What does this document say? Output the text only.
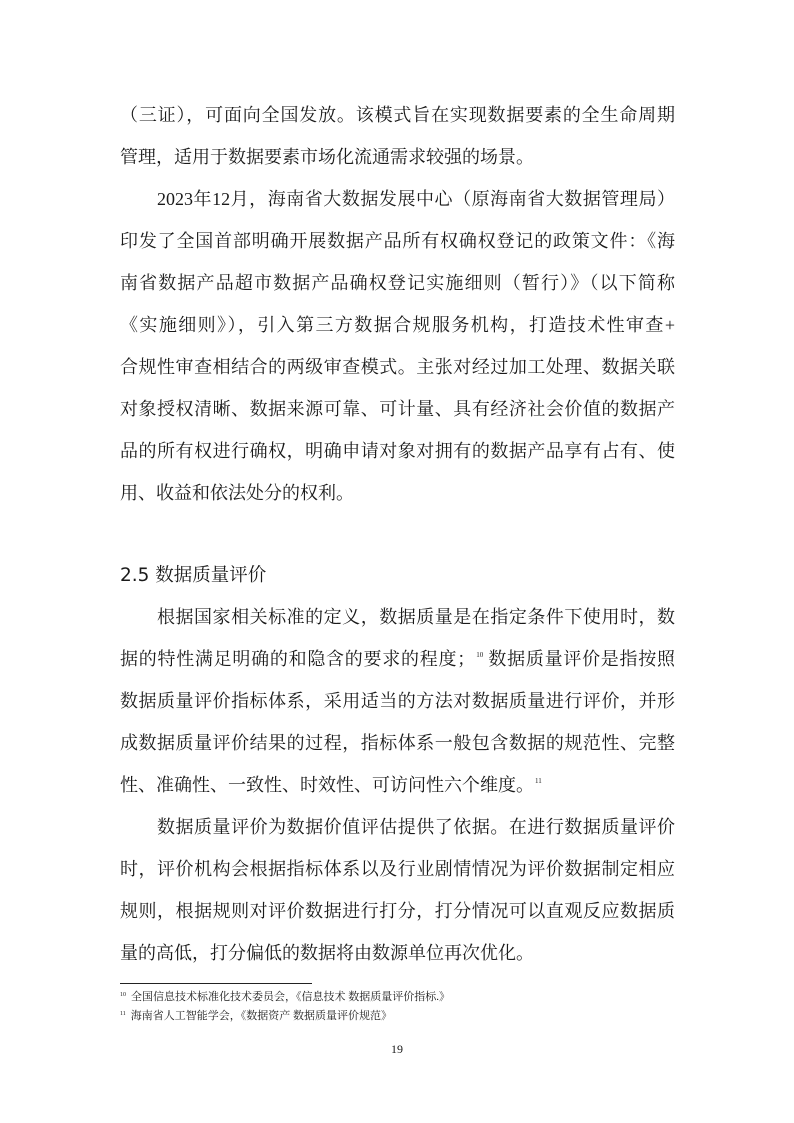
（三证），可面向全国发放。该模式旨在实现数据要素的全生命周期
管理，适用于数据要素市场化流通需求较强的场景。
2023年12月，海南省大数据发展中心（原海南省大数据管理局）
印发了全国首部明确开展数据产品所有权确权登记的政策文件：《海
南省数据产品超市数据产品确权登记实施细则（暂行）》（以下简称
《实施细则》），引入第三方数据合规服务机构，打造技术性审查+
合规性审查相结合的两级审查模式。主张对经过加工处理、数据关联
对象授权清晰、数据来源可靠、可计量、具有经济社会价值的数据产
品的所有权进行确权，明确申请对象对拥有的数据产品享有占有、使
用、收益和依法处分的权利。
2.5 数据质量评价
根据国家相关标准的定义，数据质量是在指定条件下使用时，数
据的特性满足明确的和隐含的要求的程度；$^{10}$ 数据质量评价是指按照
数据质量评价指标体系，采用适当的方法对数据质量进行评价，并形
成数据质量评价结果的过程，指标体系一般包含数据的规范性、完整
性、准确性、一致性、时效性、可访问性六个维度。$^{11}$
数据质量评价为数据价值评估提供了依据。在进行数据质量评价
时，评价机构会根据指标体系以及行业剧情情况为评价数据制定相应
规则，根据规则对评价数据进行打分，打分情况可以直观反应数据质
量的高低，打分偏低的数据将由数源单位再次优化。
$^{10}$ 全国信息技术标准化技术委员会，《信息技术 数据质量评价指标.》
$^{11}$ 海南省人工智能学会，《数据资产 数据质量评价规范》
19
